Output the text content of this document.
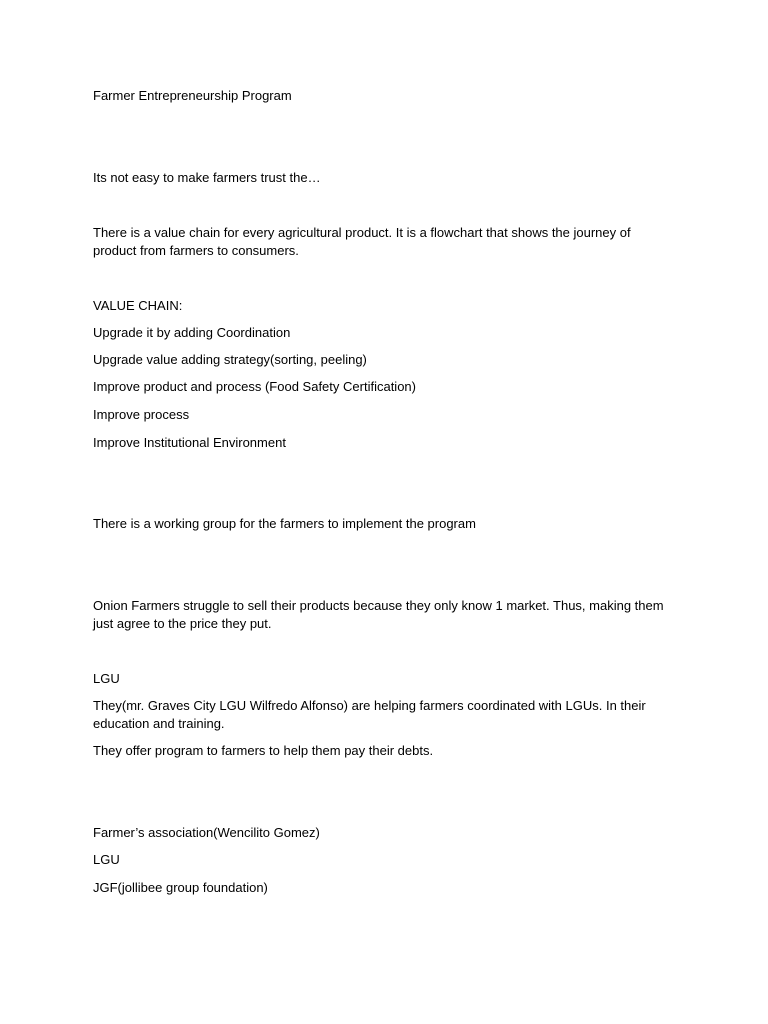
Farmer Entrepreneurship Program

Its not easy to make farmers trust the…

There is a value chain for every agricultural product. It is a flowchart that shows the journey of product from farmers to consumers.

VALUE CHAIN:

Upgrade it by adding Coordination

Upgrade value adding strategy(sorting, peeling)

Improve product and process (Food Safety Certification)

Improve process

Improve Institutional Environment

There is a working group for the farmers to implement the program

Onion Farmers struggle to sell their products because they only know 1 market. Thus, making them just agree to the price they put.

LGU

They(mr. Graves City LGU Wilfredo Alfonso) are helping farmers coordinated with LGUs. In their education and training.

They offer program to farmers to help them pay their debts.

Farmer’s association(Wencilito Gomez)

LGU

JGF(jollibee group foundation)
